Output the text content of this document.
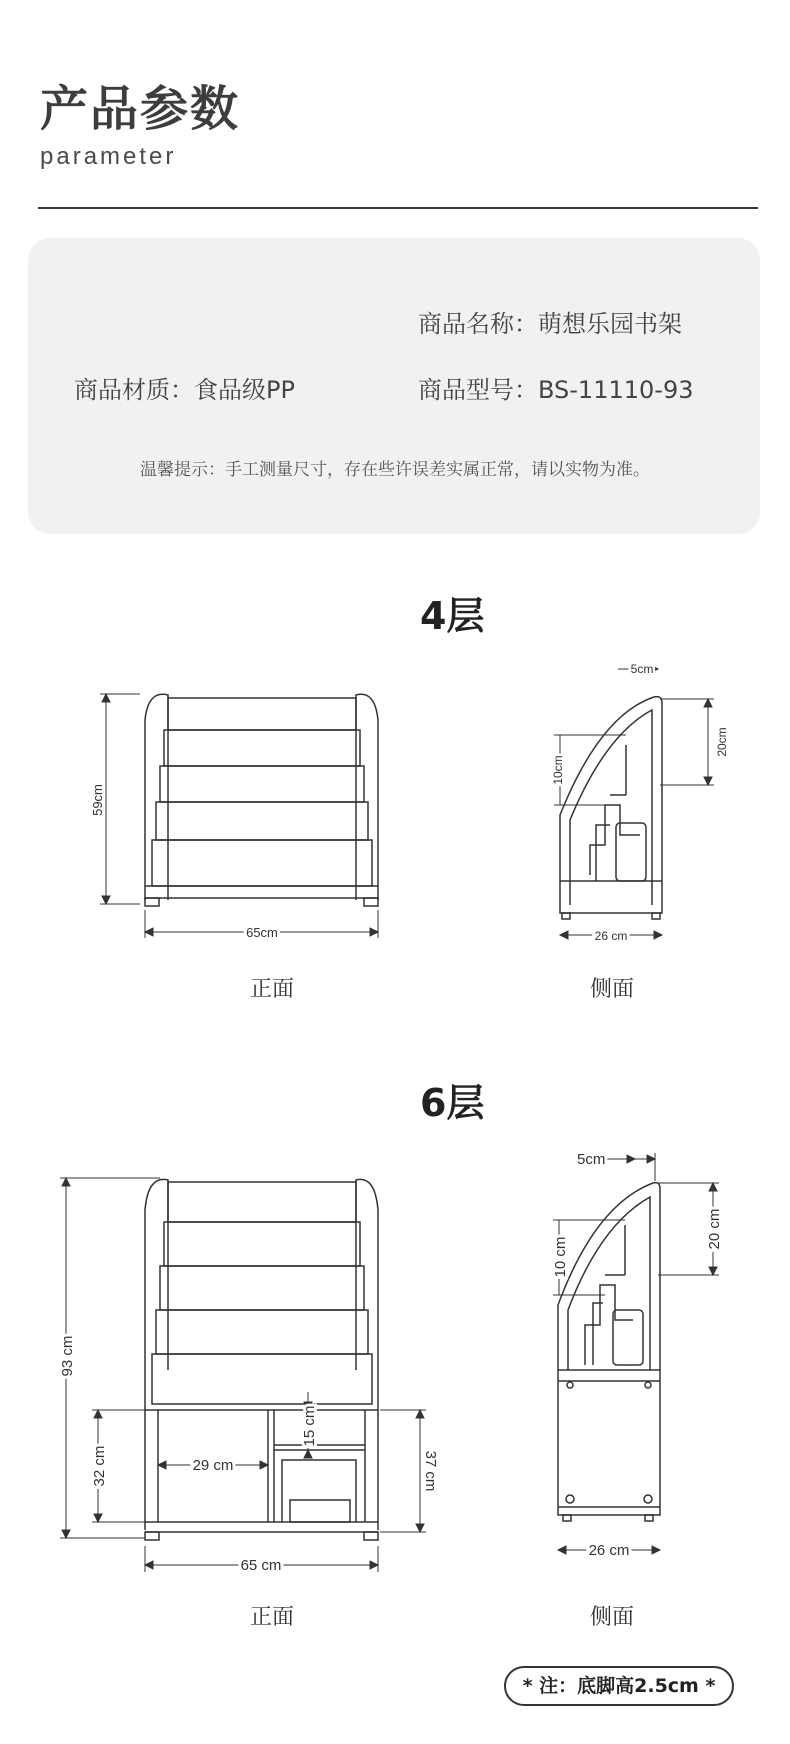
产品参数
parameter
商品名称：萌想乐园书架
商品材质：食品级PP	商品型号：BS-11110-93
温馨提示：手工测量尺寸，存在些许误差实属正常，请以实物为准。
4层
59cm
65cm
正面
5cm
20cm
10cm
26 cm
侧面
6层
93 cm
32 cm	29 cm
15 cm
37 cm
65 cm
正面
5cm
20 cm
10 cm
26 cm
侧面
* 注：底脚高2.5cm *
